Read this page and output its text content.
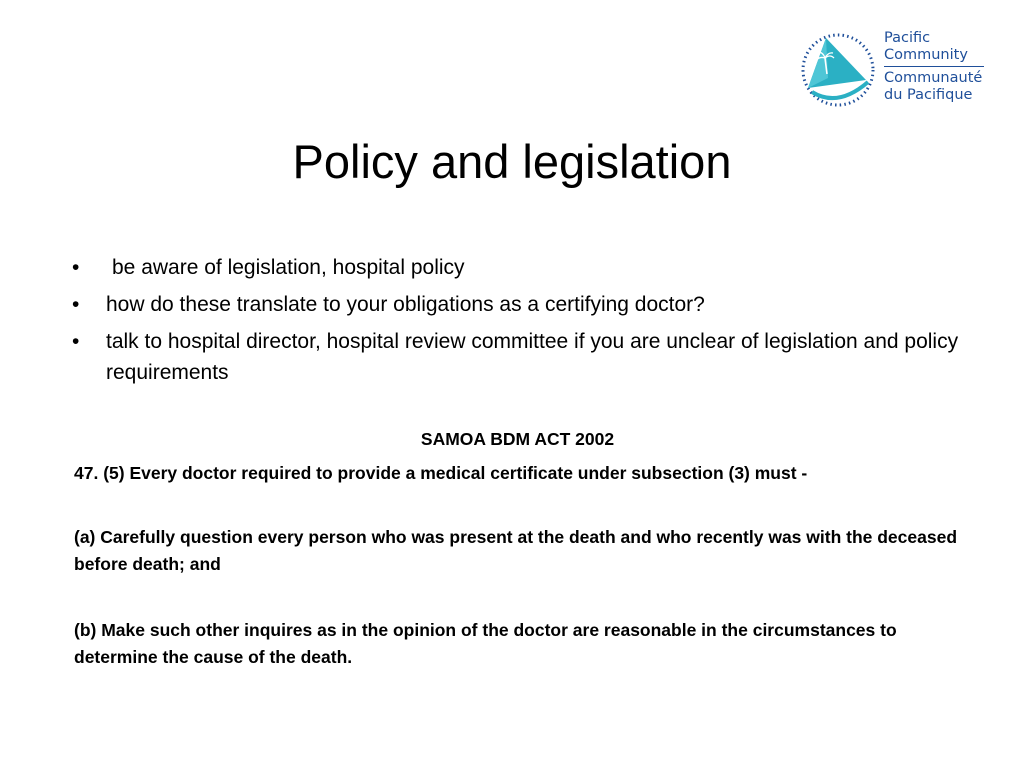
Pacific
Community
Communauté
du Pacifique
Policy and legislation
• be aware of legislation, hospital policy
• how do these translate to your obligations as a certifying doctor?
• talk to hospital director, hospital review committee if you are unclear of legislation and policy requirements
SAMOA BDM ACT 2002
47. (5) Every doctor required to provide a medical certificate under subsection (3) must -
(a) Carefully question every person who was present at the death and who recently was with the deceased before death; and
(b) Make such other inquires as in the opinion of the doctor are reasonable in the circumstances to determine the cause of the death.
